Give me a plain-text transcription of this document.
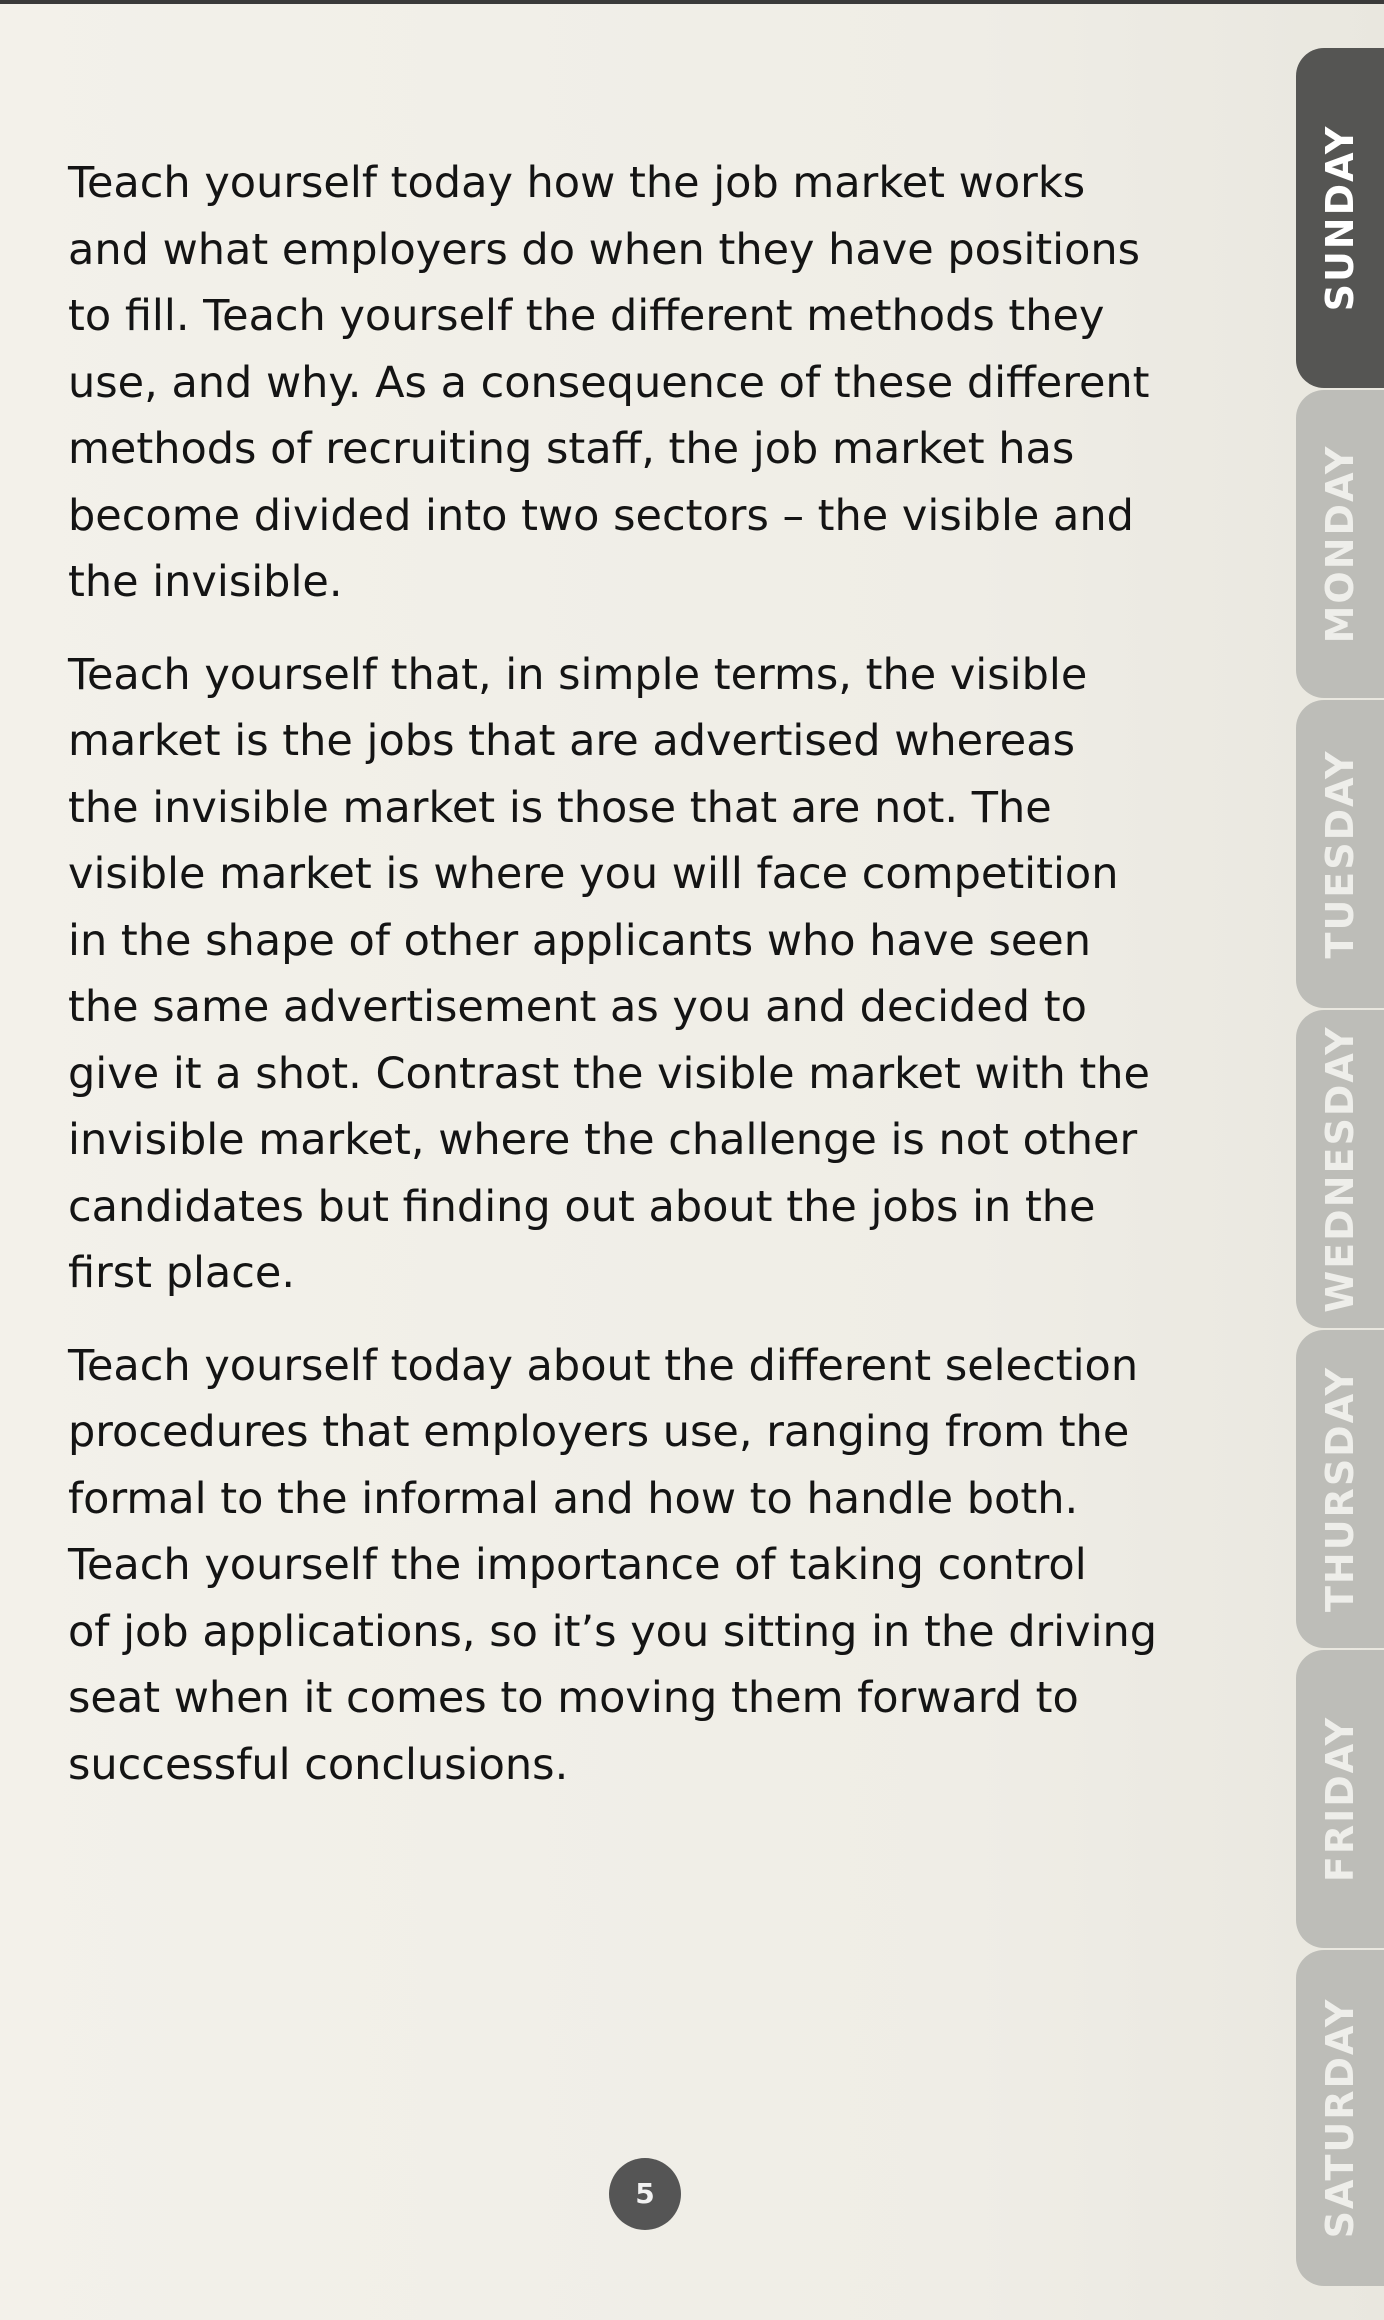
Teach yourself today how the job market works
and what employers do when they have positions
to fill. Teach yourself the different methods they
use, and why. As a consequence of these different
methods of recruiting staff, the job market has
become divided into two sectors – the visible and
the invisible.

Teach yourself that, in simple terms, the visible
market is the jobs that are advertised whereas
the invisible market is those that are not. The
visible market is where you will face competition
in the shape of other applicants who have seen
the same advertisement as you and decided to
give it a shot. Contrast the visible market with the
invisible market, where the challenge is not other
candidates but finding out about the jobs in the
first place.

Teach yourself today about the different selection
procedures that employers use, ranging from the
formal to the informal and how to handle both.
Teach yourself the importance of taking control
of job applications, so it’s you sitting in the driving
seat when it comes to moving them forward to
successful conclusions.

5
SUNDAY
MONDAY
TUESDAY
WEDNESDAY
THURSDAY
FRIDAY
SATURDAY
